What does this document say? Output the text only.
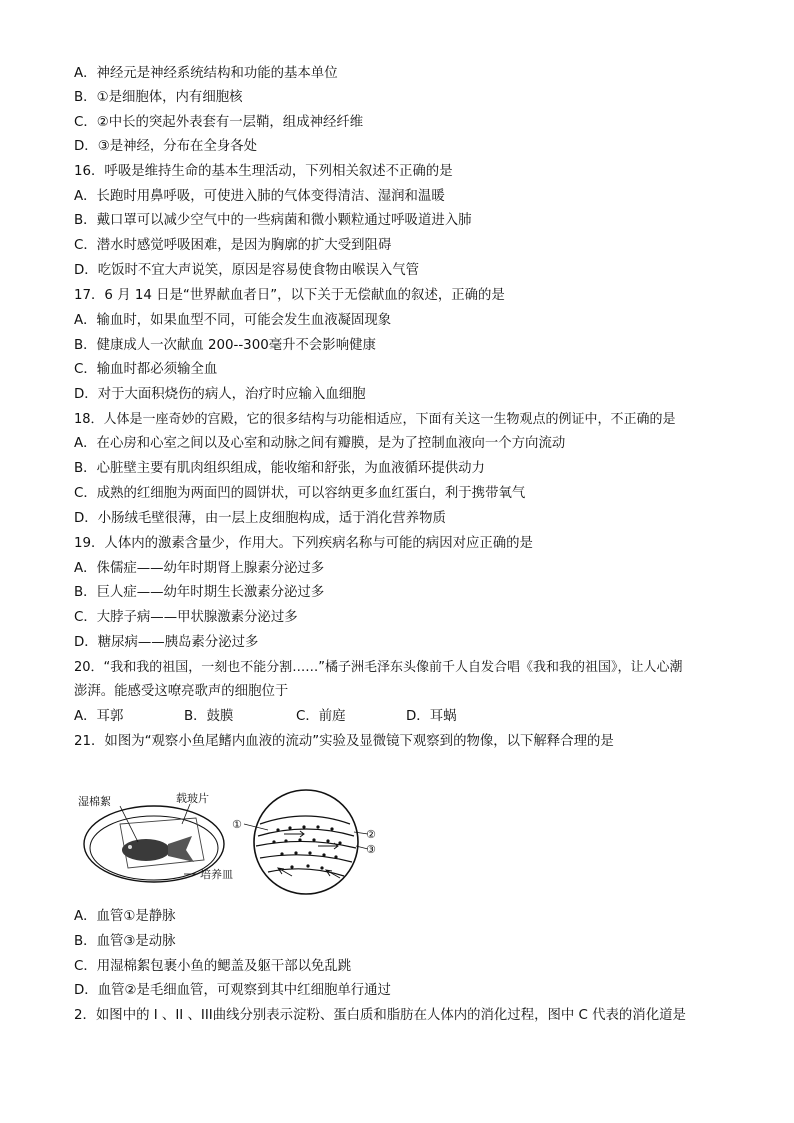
A．神经元是神经系统结构和功能的基本单位
B．①是细胞体，内有细胞核
C．②中长的突起外表套有一层鞘，组成神经纤维
D．③是神经，分布在全身各处
16．呼吸是维持生命的基本生理活动，下列相关叙述不正确的是
A．长跑时用鼻呼吸，可使进入肺的气体变得清洁、湿润和温暖
B．戴口罩可以减少空气中的一些病菌和微小颗粒通过呼吸道进入肺
C．潜水时感觉呼吸困难，是因为胸廓的扩大受到阻碍
D．吃饭时不宜大声说笑，原因是容易使食物由喉误入气管
17．6 月 14 日是“世界献血者日”，以下关于无偿献血的叙述，正确的是
A．输血时，如果血型不同，可能会发生血液凝固现象
B．健康成人一次献血 200--300毫升不会影响健康
C．输血时都必须输全血
D．对于大面积烧伤的病人，治疗时应输入血细胞
18．人体是一座奇妙的宫殿，它的很多结构与功能相适应，下面有关这一生物观点的例证中，不正确的是
A．在心房和心室之间以及心室和动脉之间有瓣膜，是为了控制血液向一个方向流动
B．心脏壁主要有肌肉组织组成，能收缩和舒张，为血液循环提供动力
C．成熟的红细胞为两面凹的圆饼状，可以容纳更多血红蛋白，利于携带氧气
D．小肠绒毛壁很薄，由一层上皮细胞构成，适于消化营养物质
19．人体内的激素含量少，作用大。下列疾病名称与可能的病因对应正确的是
A．侏儒症——幼年时期肾上腺素分泌过多
B．巨人症——幼年时期生长激素分泌过多
C．大脖子病——甲状腺激素分泌过多
D．糖尿病——胰岛素分泌过多
20．“我和我的祖国，一刻也不能分割……”橘子洲毛泽东头像前千人自发合唱《我和我的祖国》，让人心潮
澎湃。能感受这嘹亮歌声的细胞位于
A．耳郭	B．鼓膜	C．前庭	D．耳蜗
21．如图为“观察小鱼尾鳍内血液的流动”实验及显微镜下观察到的物像，以下解释合理的是
湿棉絮	载玻片
培养皿
①
②
③
A．血管①是静脉
B．血管③是动脉
C．用湿棉絮包裹小鱼的鳃盖及躯干部以免乱跳
D．血管②是毛细血管，可观察到其中红细胞单行通过
2．如图中的 I 、II 、III曲线分别表示淀粉、蛋白质和脂肪在人体内的消化过程，图中 C 代表的消化道是
